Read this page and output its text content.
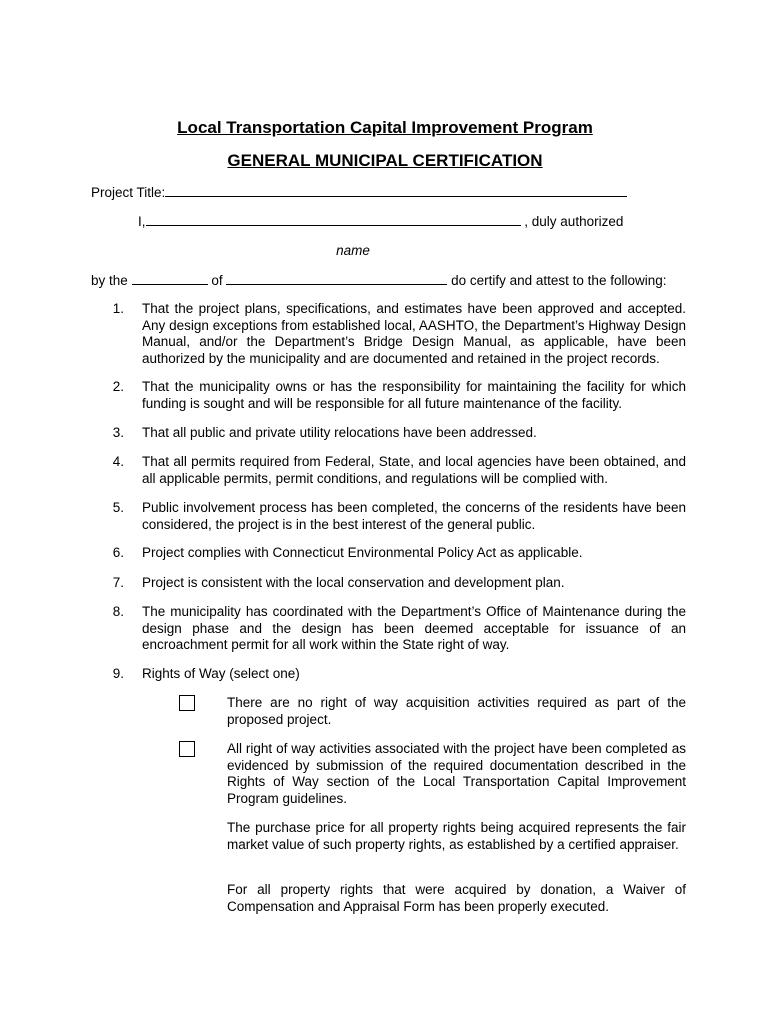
Local Transportation Capital Improvement Program
GENERAL MUNICIPAL CERTIFICATION
Project Title:
I,	, duly authorized
name
by the	of	do certify and attest to the following:
1. That the project plans, specifications, and estimates have been approved and accepted. Any design exceptions from established local, AASHTO, the Department’s Highway Design Manual, and/or the Department’s Bridge Design Manual, as applicable, have been authorized by the municipality and are documented and retained in the project records.
2. That the municipality owns or has the responsibility for maintaining the facility for which funding is sought and will be responsible for all future maintenance of the facility.
3. That all public and private utility relocations have been addressed.
4. That all permits required from Federal, State, and local agencies have been obtained, and all applicable permits, permit conditions, and regulations will be complied with.
5. Public involvement process has been completed, the concerns of the residents have been considered, the project is in the best interest of the general public.
6. Project complies with Connecticut Environmental Policy Act as applicable.
7. Project is consistent with the local conservation and development plan.
8. The municipality has coordinated with the Department’s Office of Maintenance during the design phase and the design has been deemed acceptable for issuance of an encroachment permit for all work within the State right of way.
9. Rights of Way (select one)
There are no right of way acquisition activities required as part of the proposed project.
All right of way activities associated with the project have been completed as evidenced by submission of the required documentation described in the Rights of Way section of the Local Transportation Capital Improvement Program guidelines.
The purchase price for all property rights being acquired represents the fair market value of such property rights, as established by a certified appraiser.
For all property rights that were acquired by donation, a Waiver of Compensation and Appraisal Form has been properly executed.
